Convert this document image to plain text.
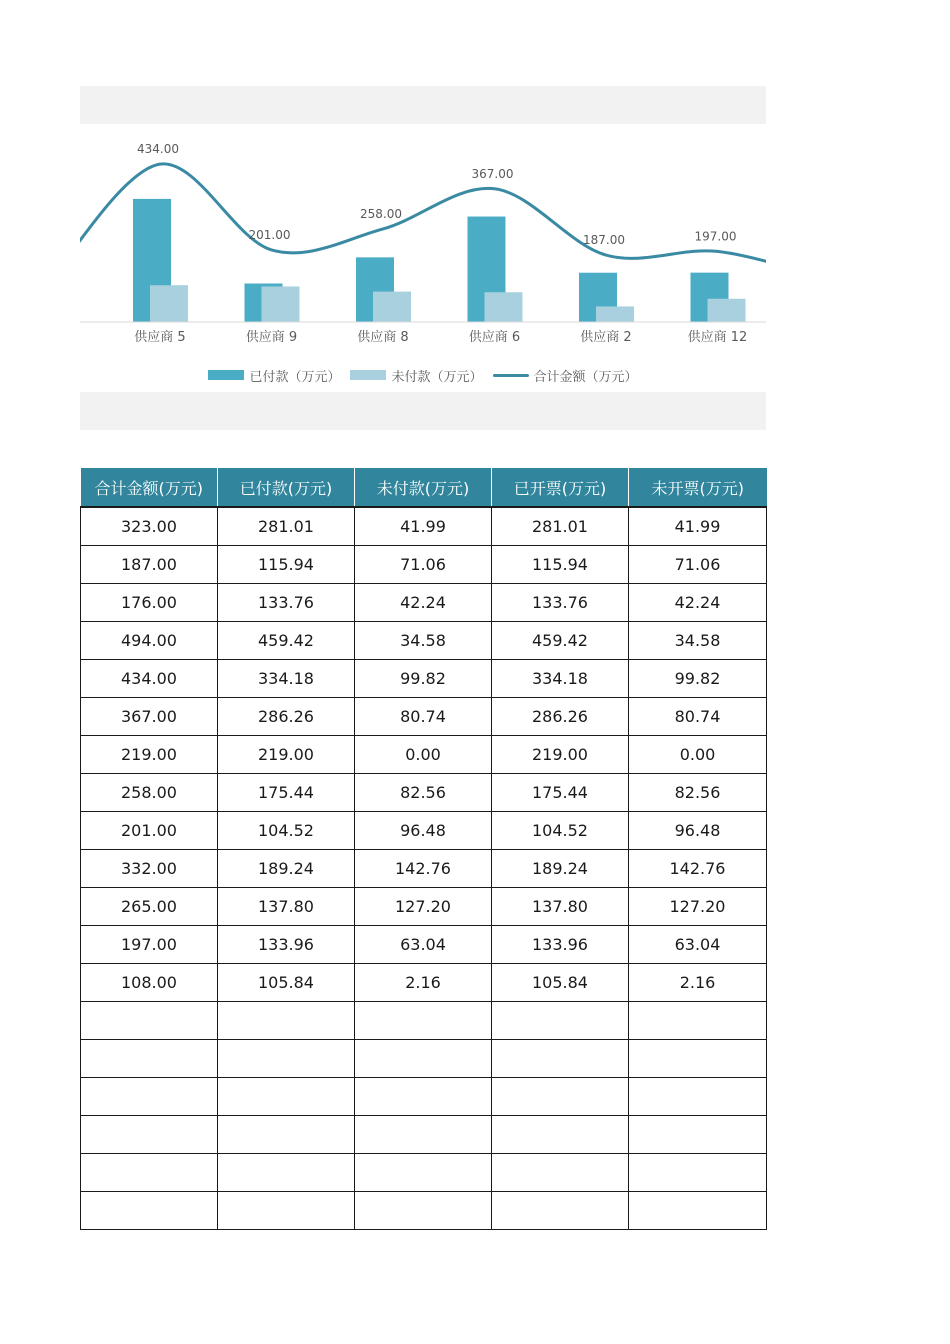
434.00
201.00
258.00
367.00
187.00	197.00
供应商 5	供应商 9	供应商 8	供应商 6	供应商 2	供应商 12
已付款（万元）	未付款（万元）	合计金额（万元）
合计金额(万元)	已付款(万元)	未付款(万元)	已开票(万元)	未开票(万元)
323.00	281.01	41.99	281.01	41.99
187.00	115.94	71.06	115.94	71.06
176.00	133.76	42.24	133.76	42.24
494.00	459.42	34.58	459.42	34.58
434.00	334.18	99.82	334.18	99.82
367.00	286.26	80.74	286.26	80.74
219.00	219.00	0.00	219.00	0.00
258.00	175.44	82.56	175.44	82.56
201.00	104.52	96.48	104.52	96.48
332.00	189.24	142.76	189.24	142.76
265.00	137.80	127.20	137.80	127.20
197.00	133.96	63.04	133.96	63.04
108.00	105.84	2.16	105.84	2.16
